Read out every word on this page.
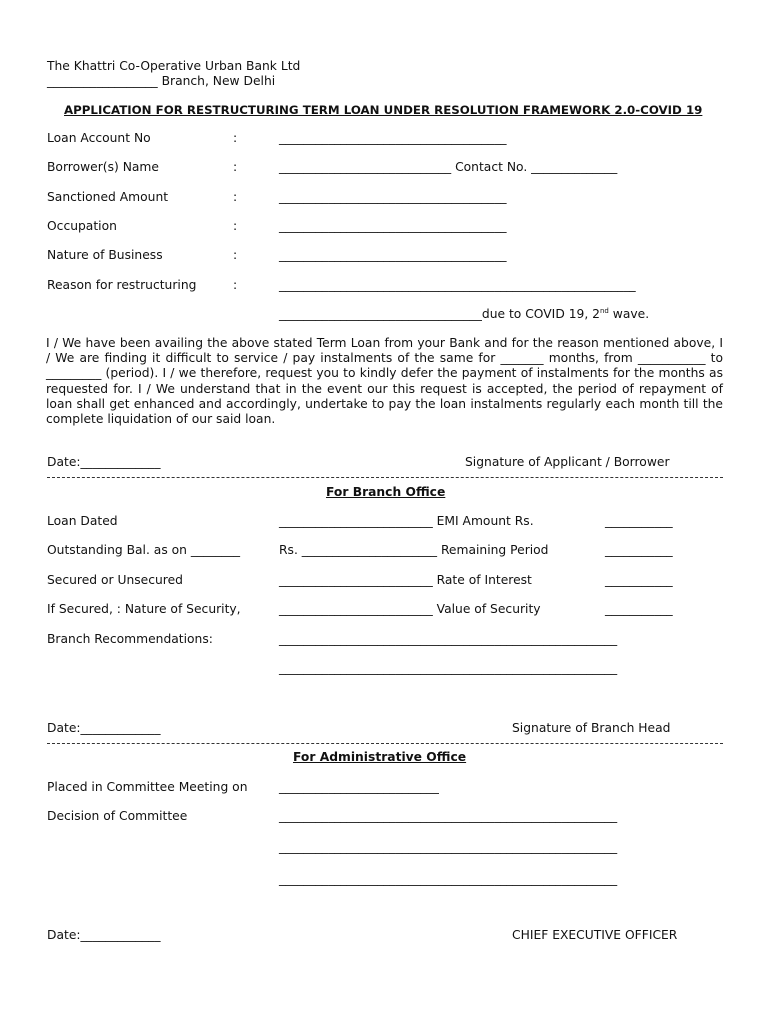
The Khattri Co-Operative Urban Bank Ltd
__________________ Branch, New Delhi
APPLICATION FOR RESTRUCTURING TERM LOAN UNDER RESOLUTION FRAMEWORK 2.0-COVID 19
Loan Account No	:	_____________________________________
Borrower(s) Name	:	____________________________ Contact No. ______________
Sanctioned Amount	:	_____________________________________
Occupation	:	_____________________________________
Nature of Business	:	_____________________________________
Reason for restructuring	:	__________________________________________________________
_________________________________due to COVID 19, 2nd wave.
I / We have been availing the above stated Term Loan from your Bank and for the reason mentioned above, I / We are finding it difficult to service / pay instalments of the same for _______ months, from ___________ to _________ (period). I / we therefore, request you to kindly defer the payment of instalments for the months as requested for. I / We understand that in the event our this request is accepted, the period of repayment of loan shall get enhanced and accordingly, undertake to pay the loan instalments regularly each month till the complete liquidation of our said loan.
Date:_____________	Signature of Applicant / Borrower
For Branch Office
Loan Dated	_________________________ EMI Amount Rs.	___________
Outstanding Bal. as on ________	Rs. ______________________ Remaining Period	___________
Secured or Unsecured	_________________________ Rate of Interest	___________
If Secured, : Nature of Security,	_________________________ Value of Security	___________
Branch Recommendations:	_______________________________________________________
_______________________________________________________
Date:_____________	Signature of Branch Head
For Administrative Office
Placed in Committee Meeting on	__________________________
Decision of Committee	_______________________________________________________
_______________________________________________________
_______________________________________________________
Date:_____________	CHIEF EXECUTIVE OFFICER
